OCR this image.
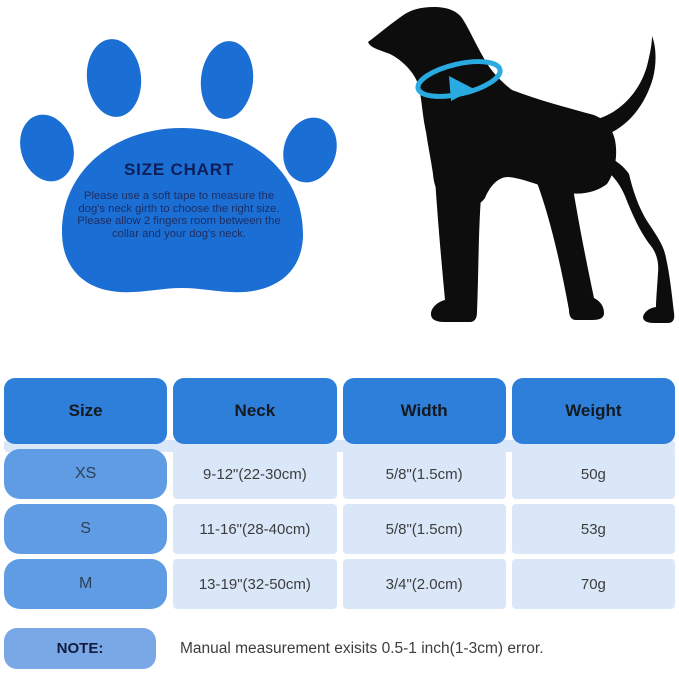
SIZE CHART
Please use a soft tape to measure the dog's neck girth to choose the right size. Please allow 2 fingers room between the collar and your dog's neck.
Size	Neck	Width	Weight
XS	9-12"(22-30cm)	5/8"(1.5cm)	50g
S	11-16"(28-40cm)	5/8"(1.5cm)	53g
M	13-19"(32-50cm)	3/4"(2.0cm)	70g
NOTE:	Manual measurement exisits 0.5-1 inch(1-3cm) error.
